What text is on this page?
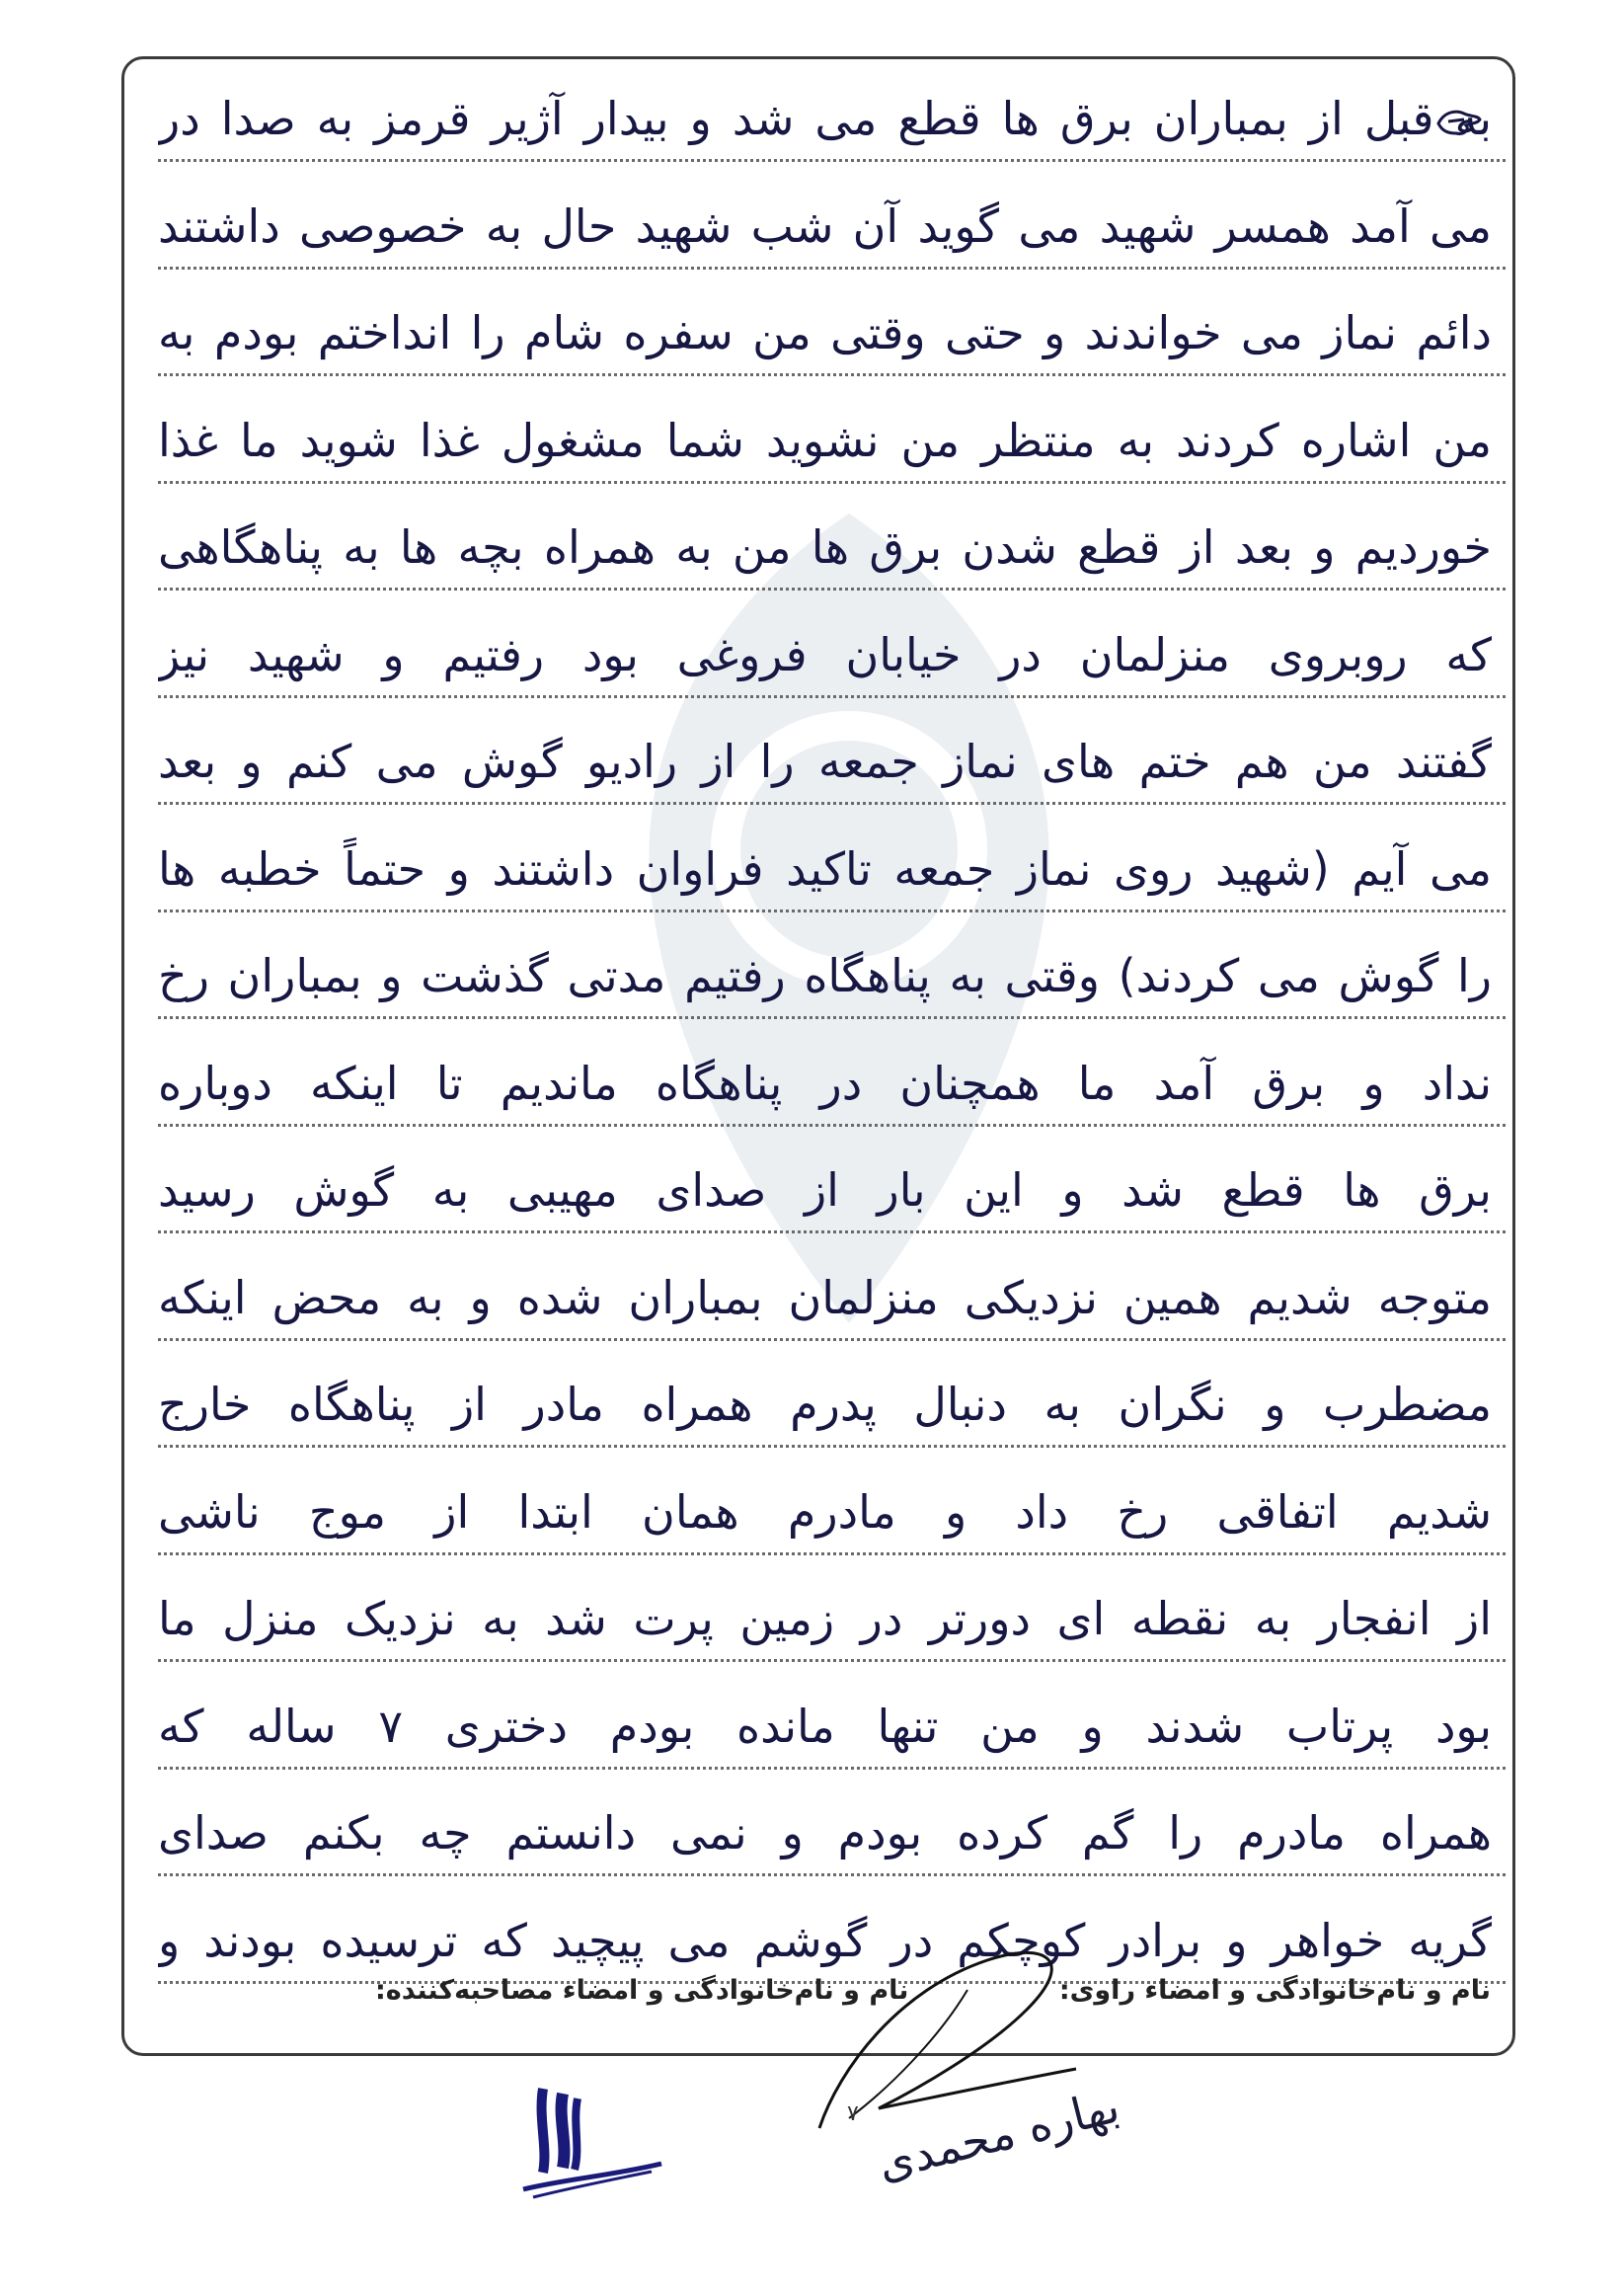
به قبل از بمباران برق ها قطع می شد و بیدار آژیر قرمز به صدا در
می آمد همسر شهید می گوید آن شب شهید حال به خصوصی داشتند
دائم نماز می خواندند و حتی وقتی من سفره شام را انداختم بودم به
من اشاره کردند به منتظر من نشوید شما مشغول غذا شوید ما غذا
خوردیم و بعد از قطع شدن برق ها من به همراه بچه ها به پناهگاهی
که روبروی منزلمان در خیابان فروغی بود رفتیم و شهید نیز
گفتند من هم ختم های نماز جمعه را از رادیو گوش می کنم و بعد
می آیم (شهید روی نماز جمعه تاکید فراوان داشتند و حتماً خطبه ها
را گوش می کردند) وقتی به پناهگاه رفتیم مدتی گذشت و بمباران رخ
نداد و برق آمد ما همچنان در پناهگاه ماندیم تا اینکه دوباره
برق ها قطع شد و این بار از صدای مهیبی به گوش رسید
متوجه شدیم همین نزدیکی منزلمان بمباران شده و به محض اینکه
مضطرب و نگران به دنبال پدرم همراه مادر از پناهگاه خارج
شدیم اتفاقی رخ داد و مادرم همان ابتدا از موج ناشی
از انفجار به نقطه ای دورتر در زمین پرت شد به نزدیک منزل ما
بود پرتاب شدند و من تنها مانده بودم دختری ۷ ساله که
همراه مادرم را گم کرده بودم و نمی دانستم چه بکنم صدای
گریه خواهر و برادر کوچکم در گوشم می پیچید که ترسیده بودند و
نام و نام‌خانوادگی و امضاء راوی:
نام و نام‌خانوادگی و امضاء مصاحبه‌کننده:
۷ بهاره محمدی
